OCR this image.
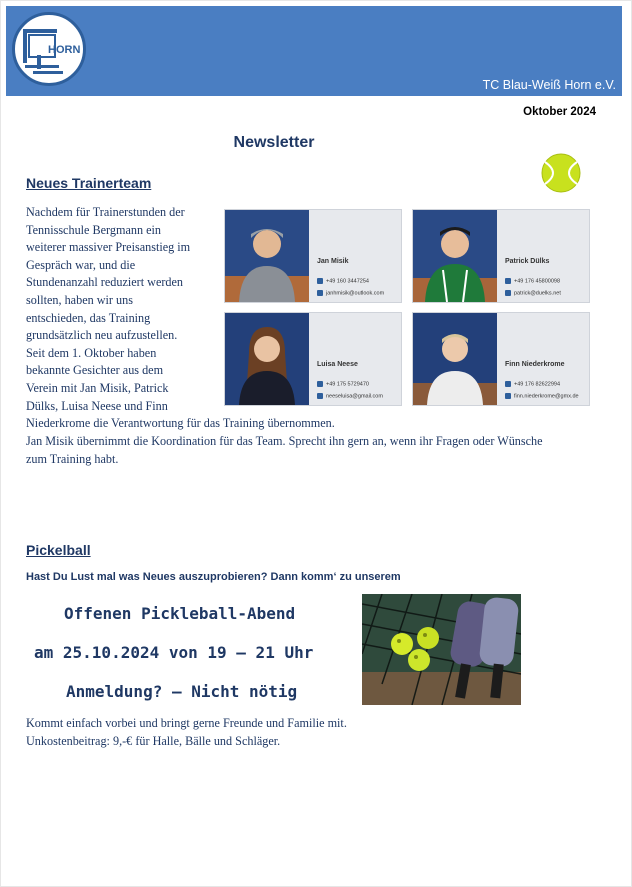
HORN
TC Blau-Weiß Horn e.V.
Oktober 2024
Newsletter
Neues Trainerteam
Nachdem für Trainerstunden der
Tennisschule Bergmann ein
weiterer massiver Preisanstieg im
Gespräch war, und die
Stundenanzahl reduziert werden
sollten, haben wir uns
entschieden, das Training
grundsätzlich neu aufzustellen.
Seit dem 1. Oktober haben
bekannte Gesichter aus dem
Verein mit Jan Misik, Patrick
Dülks, Luisa Neese und Finn
Niederkrome die Verantwortung für das Training übernommen.
Jan Misik übernimmt die Koordination für das Team. Sprecht ihn gern an, wenn ihr Fragen oder Wünsche
zum Training habt.
Jan Misik
+49 160 3447254
janhmisik@outlook.com
Patrick Dülks
+49 176 45800098
patrick@duelks.net
Luisa Neese
+49 175 5729470
neeseluisa@gmail.com
Finn Niederkrome
+49 176 82622994
finn.niederkrome@gmx.de
Pickelball
Hast Du Lust mal was Neues auszuprobieren? Dann komm‘ zu unserem
Offenen Pickleball-Abend
am 25.10.2024 von 19 – 21 Uhr
Anmeldung? – Nicht nötig
Kommt einfach vorbei und bringt gerne Freunde und Familie mit.
Unkostenbeitrag: 9,-€ für Halle, Bälle und Schläger.
